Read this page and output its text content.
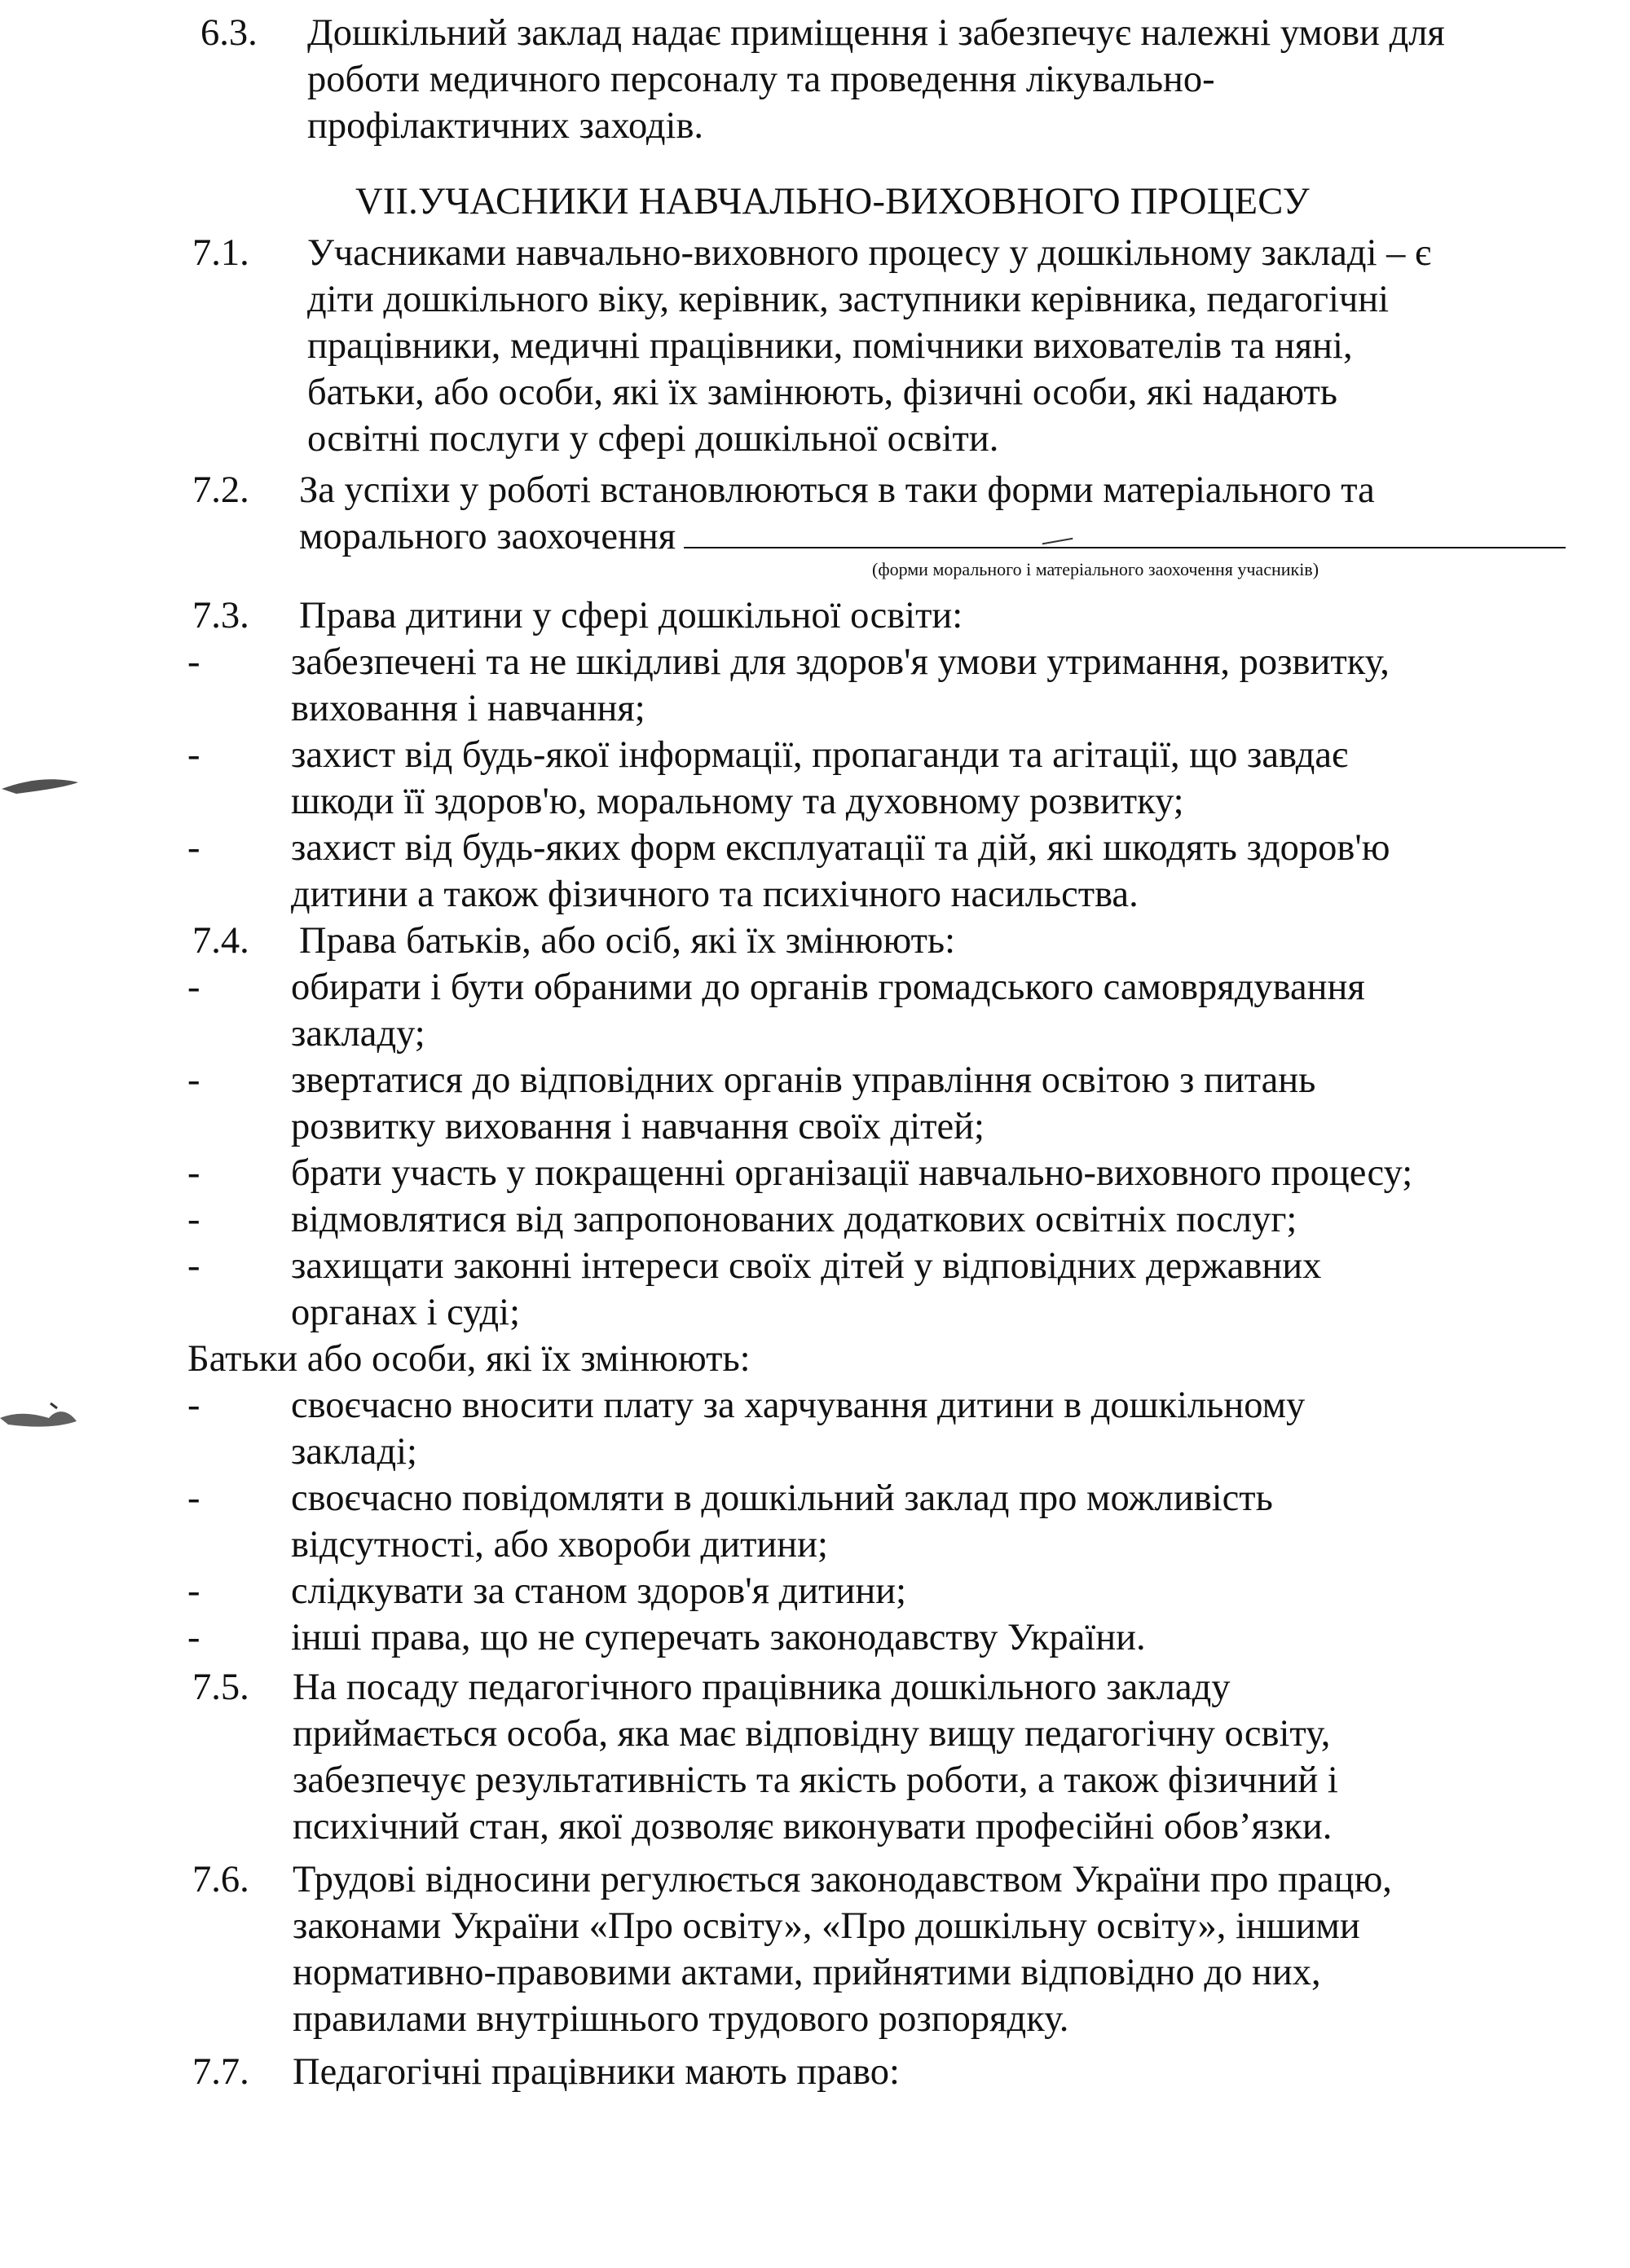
6.3.	Дошкільний заклад надає приміщення і забезпечує належні умови для
роботи медичного персоналу та проведення лікувально-
профілактичних заходів.
VII.УЧАСНИКИ НАВЧАЛЬНО-ВИХОВНОГО ПРОЦЕСУ
7.1.	Учасниками навчально-виховного процесу у дошкільному закладі – є
діти дошкільного віку, керівник, заступники керівника, педагогічні
працівники, медичні працівники, помічники вихователів та няні,
батьки, або особи, які їх замінюють, фізичні особи, які надають
освітні послуги у сфері дошкільної освіти.
7.2.	За успіхи у роботі встановлюються в таки форми матеріального та
морального заохочення
(форми морального і матеріального заохочення учасників)
7.3.	Права дитини у сфері дошкільної освіти:
-	забезпечені та не шкідливі для здоров'я умови утримання, розвитку,
виховання і навчання;
-	захист від будь-якої інформації, пропаганди та агітації, що завдає
шкоди її здоров'ю, моральному та духовному розвитку;
-	захист від будь-яких форм експлуатації та дій, які шкодять здоров'ю
дитини а також фізичного та психічного насильства.
7.4.	Права батьків, або осіб, які їх змінюють:
-	обирати і бути обраними до органів громадського самоврядування
закладу;
-	звертатися до відповідних органів управління освітою з питань
розвитку виховання і навчання своїх дітей;
-	брати участь у покращенні організації навчально-виховного процесу;
-	відмовлятися від запропонованих додаткових освітніх послуг;
-	захищати законні інтереси своїх дітей у відповідних державних
органах і суді;
Батьки або особи, які їх змінюють:
-	своєчасно вносити плату за харчування дитини в дошкільному
закладі;
-	своєчасно повідомляти в дошкільний заклад про можливість
відсутності, або хвороби дитини;
-	слідкувати за станом здоров'я дитини;
-	інші права, що не суперечать законодавству України.
7.5.	На посаду педагогічного працівника дошкільного закладу
приймається особа, яка має відповідну вищу педагогічну освіту,
забезпечує результативність та якість роботи, а також фізичний і
психічний стан, якої дозволяє виконувати професійні обов’язки.
7.6.	Трудові відносини регулюється законодавством України про працю,
законами України «Про освіту», «Про дошкільну освіту», іншими
нормативно-правовими актами, прийнятими відповідно до них,
правилами внутрішнього трудового розпорядку.
7.7.	Педагогічні працівники мають право:
